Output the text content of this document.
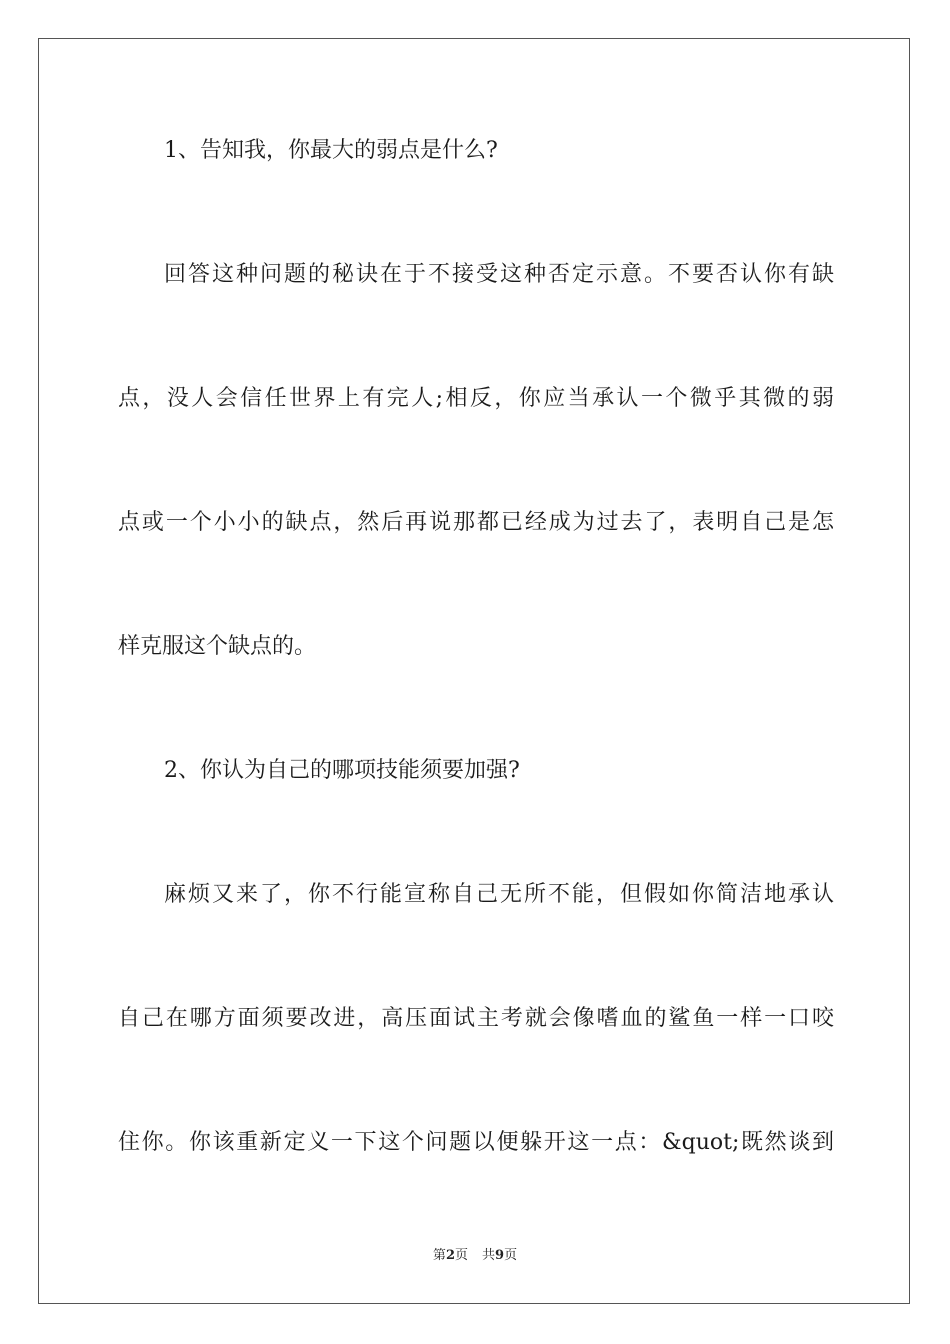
1、告知我，你最大的弱点是什么?
回答这种问题的秘诀在于不接受这种否定示意。不要否认你有缺
点，没人会信任世界上有完人;相反，你应当承认一个微乎其微的弱
点或一个小小的缺点，然后再说那都已经成为过去了，表明自己是怎
样克服这个缺点的。
2、你认为自己的哪项技能须要加强?
麻烦又来了，你不行能宣称自己无所不能，但假如你简洁地承认
自己在哪方面须要改进，高压面试主考就会像嗜血的鲨鱼一样一口咬
住你。你该重新定义一下这个问题以便躲开这一点：&quot;既然谈到
第2页 共9页
